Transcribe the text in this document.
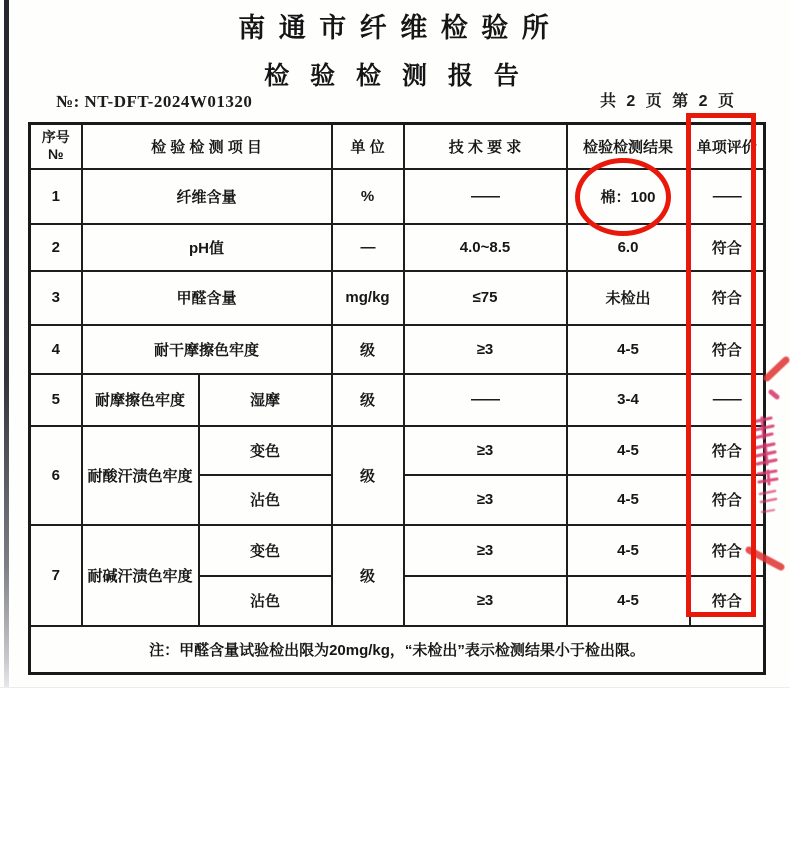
南 通 市 纤 维 检 验 所
检 验 检 测 报 告
№: NT-DFT-2024W01320	共 2 页 第 2 页
序号
№	检 验 检 测 项 目		单 位	技 术 要 求	检验检测结果	单项评价
1	纤维含量		%	——	棉：100	——
2	pH值		—	4.0~8.5	6.0	符合
3	甲醛含量		mg/kg	≤75	未检出	符合
4	耐干摩擦色牢度		级	≥3	4-5	符合
5	耐摩擦色牢度	湿摩	级	——	3-4	——
6	耐酸汗渍色牢度	变色	级	≥3	4-5	符合
		沾色		≥3	4-5	符合
7	耐碱汗渍色牢度	变色	级	≥3	4-5	符合
		沾色		≥3	4-5	符合
注：甲醛含量试验检出限为20mg/kg，“未检出”表示检测结果小于检出限。						
